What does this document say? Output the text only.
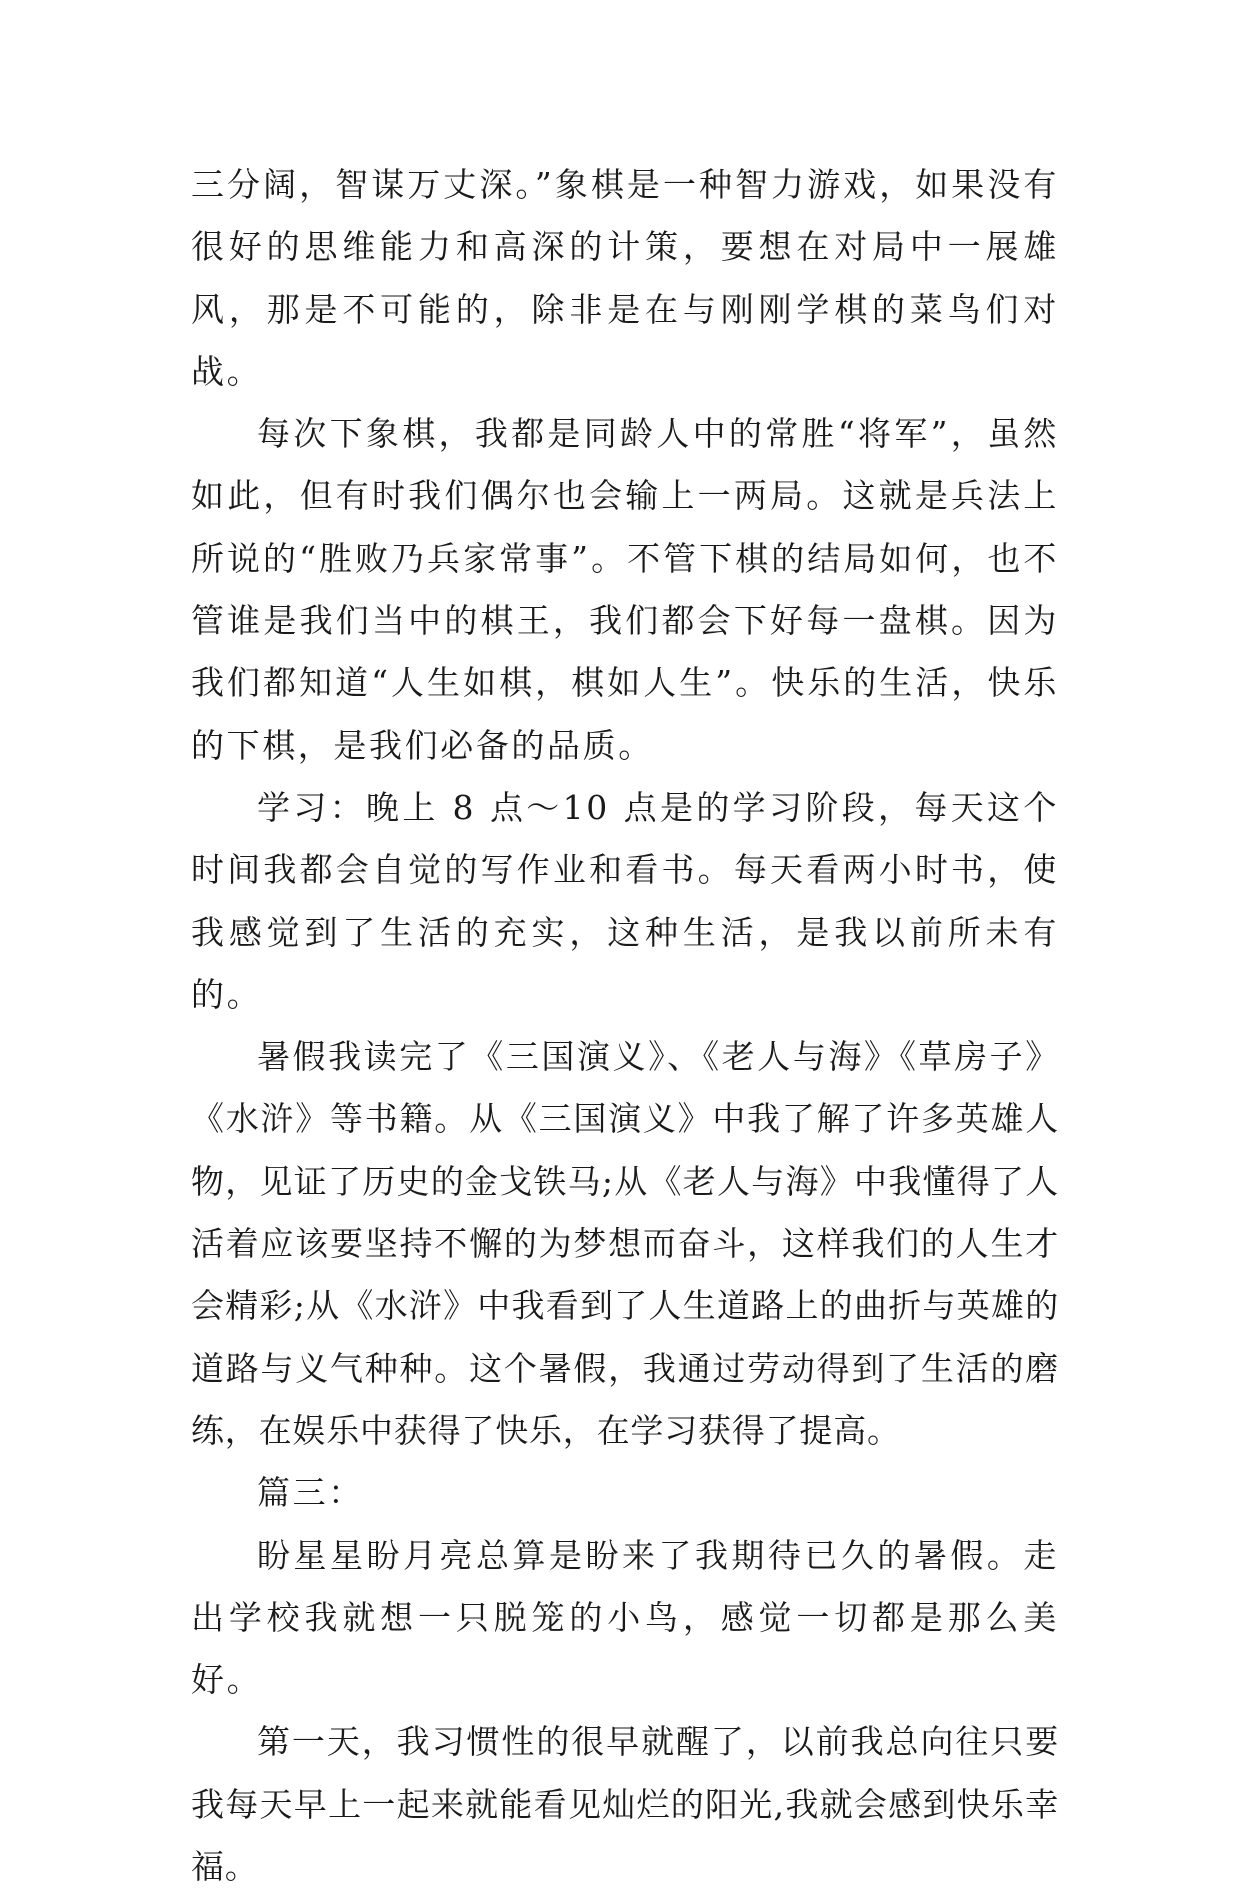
三分阔，智谋万丈深。”象棋是一种智力游戏，如果没有很好的思维能力和高深的计策，要想在对局中一展雄风，那是不可能的，除非是在与刚刚学棋的菜鸟们对战。

每次下象棋，我都是同龄人中的常胜“将军”，虽然如此，但有时我们偶尔也会输上一两局。这就是兵法上所说的“胜败乃兵家常事”。不管下棋的结局如何，也不管谁是我们当中的棋王，我们都会下好每一盘棋。因为我们都知道“人生如棋，棋如人生”。快乐的生活，快乐的下棋，是我们必备的品质。

学习：晚上 8 点～10 点是的学习阶段，每天这个时间我都会自觉的写作业和看书。每天看两小时书，使我感觉到了生活的充实，这种生活，是我以前所未有的。

暑假我读完了《三国演义》、《老人与海》《草房子》《水浒》等书籍。从《三国演义》中我了解了许多英雄人物，见证了历史的金戈铁马;从《老人与海》中我懂得了人活着应该要坚持不懈的为梦想而奋斗，这样我们的人生才会精彩;从《水浒》中我看到了人生道路上的曲折与英雄的道路与义气种种。这个暑假，我通过劳动得到了生活的磨练，在娱乐中获得了快乐，在学习获得了提高。

篇三：

盼星星盼月亮总算是盼来了我期待已久的暑假。走出学校我就想一只脱笼的小鸟，感觉一切都是那么美好。

第一天，我习惯性的很早就醒了，以前我总向往只要我每天早上一起来就能看见灿烂的阳光,我就会感到快乐幸福。
